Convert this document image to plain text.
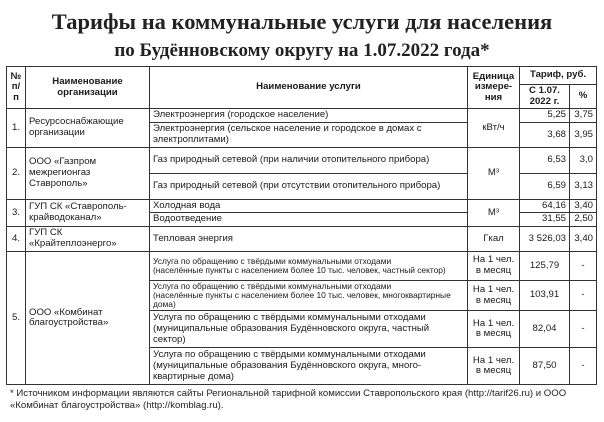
Тарифы на коммунальные услуги для населения
по Будённовскому округу на 1.07.2022 года*
№ п/п	Наименование организации	Наименование услуги	Единица измере-ния	Тариф, руб.	
				С 1.07. 2022 г.	%
1.	Ресурсоснабжающие организации	Электроэнергия (городское население)	кВт/ч	5,25	3,75
		Электроэнергия (сельское население и городское в домах с электроплитами)		3,68	3,95
2.	ООО «Газпром межрегионгаз Ставрополь»	Газ природный сетевой (при наличии отопительного прибора)	М³	6,53	3,0
		Газ природный сетевой (при отсутствии отопительного прибора)		6,59	3,13
3.	ГУП СК «Ставрополь-крайводоканал»	Холодная вода	М³	64,16	3,40
		Водоотведение		31,55	2,50
4.	ГУП СК «Крайтеплоэнерго»	Тепловая энергия	Гкал	3 526,03	3,40
5.	ООО «Комбинат благоустройства»	Услуга по обращению с твёрдыми коммунальными отходами
(населённые пункты с населением более 10 тыс. человек, частный сектор)	На 1 чел. в месяц	125,79	-
		Услуга по обращению с твёрдыми коммунальными отходами
(населённые пункты с населением более 10 тыс. человек, многоквартирные дома)	На 1 чел. в месяц	103,91	-
		Услуга по обращению с твёрдыми коммунальными отходами
(муниципальные образования Будённовского округа, частный сектор)	На 1 чел. в месяц	82,04	-
		Услуга по обращению с твёрдыми коммунальными отходами
(муниципальные образования Будённовского округа, много-квартирные дома)	На 1 чел. в месяц	87,50	-
* Источником информации являются сайты Региональной тарифной комиссии Ставропольского края (http://tarif26.ru) и ООО «Комбинат благоустройства» (http://komblag.ru).
